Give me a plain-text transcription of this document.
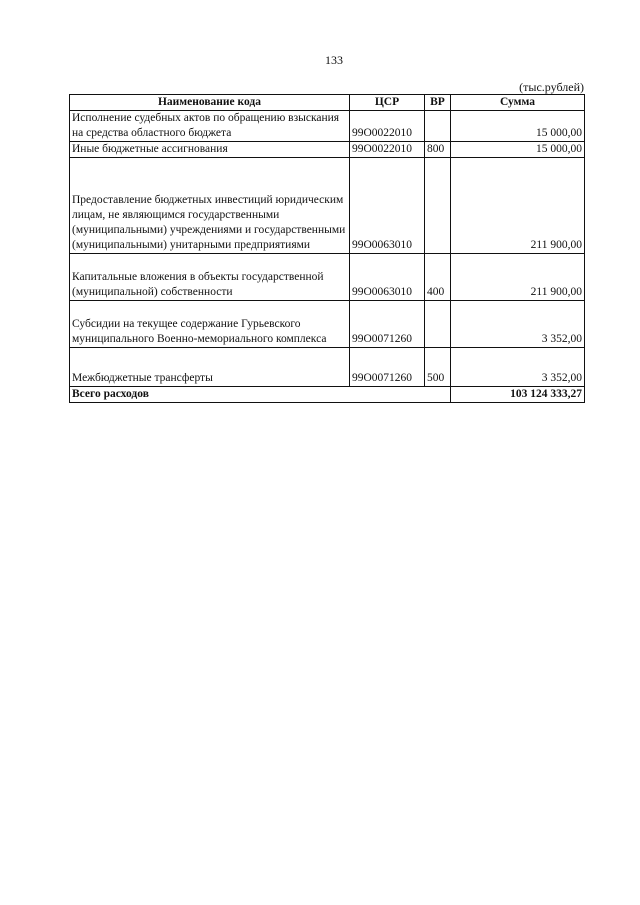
133
(тыс.рублей)
Наименование кода	ЦСР	ВР	Сумма
Исполнение судебных актов по обращению взыскания на средства областного бюджета	99О0022010		15 000,00
Иные бюджетные ассигнования	99О0022010	800	15 000,00
Предоставление бюджетных инвестиций юридическим лицам, не являющимся государственными (муниципальными) учреждениями и государственными (муниципальными) унитарными предприятиями	99О0063010		211 900,00
Капитальные вложения в объекты государственной (муниципальной) собственности	99О0063010	400	211 900,00
Субсидии на текущее содержание Гурьевского муниципального Военно-мемориального комплекса	99О0071260		3 352,00
Межбюджетные трансферты	99О0071260	500	3 352,00
Всего расходов			103 124 333,27
